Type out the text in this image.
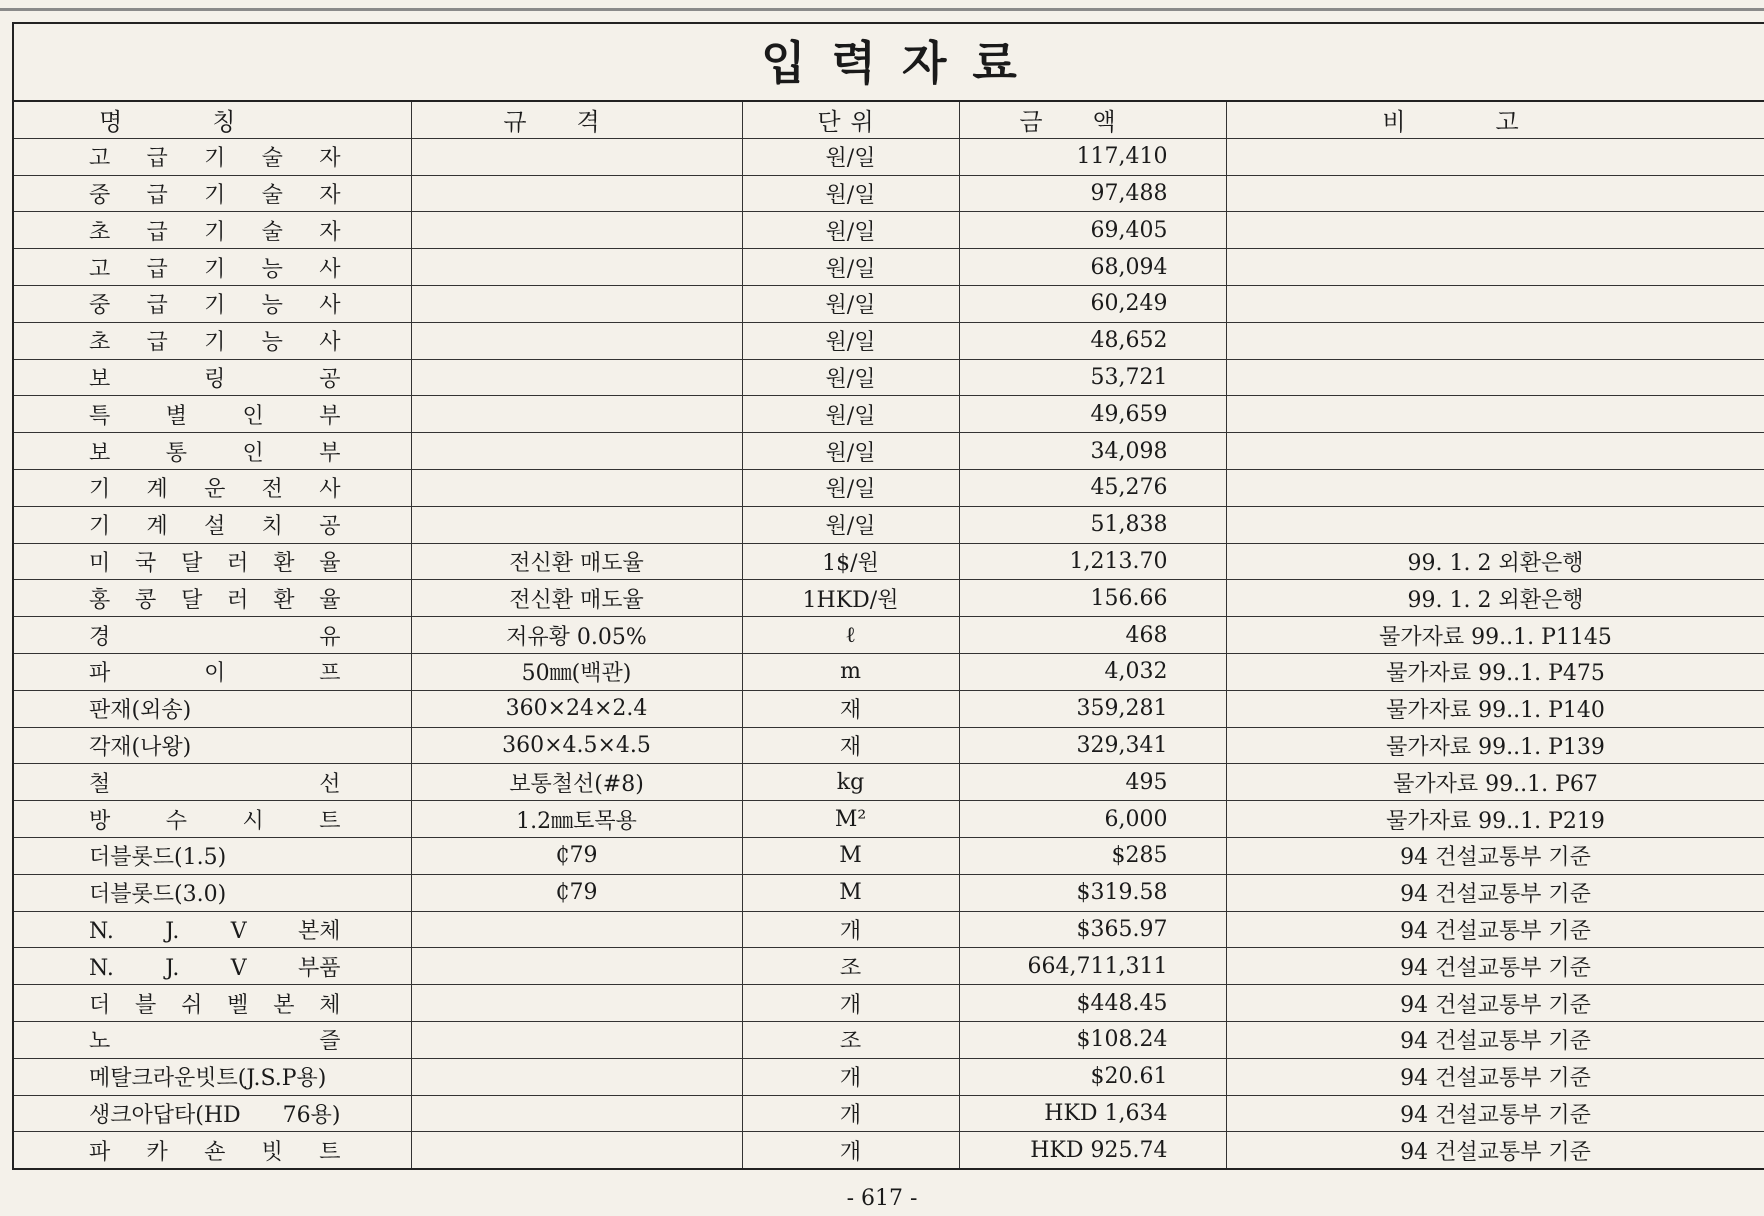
입력자료
명칭	규격	단위	금액	비고

고 급 기 술 자		원/일	117,410	

중 급 기 술 자		원/일	97,488	

초 급 기 술 자		원/일	69,405	

고 급 기 능 사		원/일	68,094	

중 급 기 능 사		원/일	60,249	

초 급 기 능 사		원/일	48,652	

보 링 공		원/일	53,721	

특 별 인 부		원/일	49,659	

보 통 인 부		원/일	34,098	

기 계 운 전 사		원/일	45,276	

기 계 설 치 공		원/일	51,838	

미 국 달 러 환 율	전신환 매도율	1$/원	1,213.70	99. 1. 2 외환은행

홍 콩 달 러 환 율	전신환 매도율	1HKD/원	156.66	99. 1. 2 외환은행

경 유	저유황 0.05%	ℓ	468	물가자료 99..1. P1145

파 이 프	50㎜(백관)	m	4,032	물가자료 99..1. P475

판재(외송)	360×24×2.4	재	359,281	물가자료 99..1. P140

각재(나왕)	360×4.5×4.5	재	329,341	물가자료 99..1. P139

철 선	보통철선(#8)	kg	495	물가자료 99..1. P67

방 수 시 트	1.2㎜토목용	M²	6,000	물가자료 99..1. P219

더블롯드(1.5)	₵79	M	$285	94 건설교통부 기준

더블롯드(3.0)	₵79	M	$319.58	94 건설교통부 기준

N. J. V 본체		개	$365.97	94 건설교통부 기준

N. J. V 부품		조	664,711,311	94 건설교통부 기준

더 블 쉬 벨 본 체		개	$448.45	94 건설교통부 기준

노 즐		조	$108.24	94 건설교통부 기준

메탈크라운빗트(J.S.P용)		개	$20.61	94 건설교통부 기준

생크아답타(HD 76용)		개	HKD 1,634	94 건설교통부 기준

파 카 숀 빗 트		개	HKD 925.74	94 건설교통부 기준
- 617 -
